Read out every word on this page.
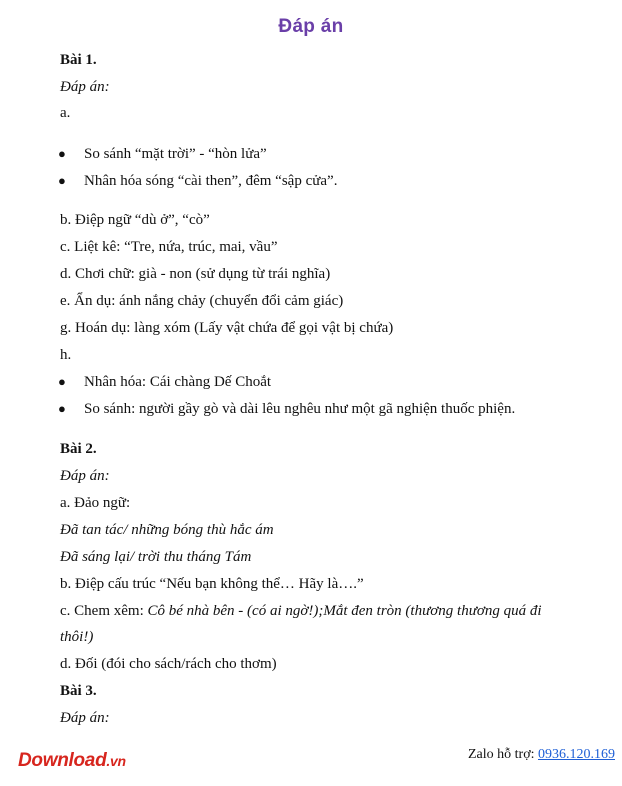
Đáp án
Bài 1.
Đáp án:
a.
● So sánh “mặt trời” - “hòn lửa”
● Nhân hóa sóng “cài then”, đêm “sập cửa”.
b. Điệp ngữ “dù ở”, “cò”
c. Liệt kê: “Tre, nứa, trúc, mai, vầu”
d. Chơi chữ: già - non (sử dụng từ trái nghĩa)
e. Ẩn dụ: ánh nắng chảy (chuyển đổi cảm giác)
g. Hoán dụ: làng xóm (Lấy vật chứa để gọi vật bị chứa)
h.
● Nhân hóa: Cái chàng Dế Choắt
● So sánh: người gầy gò và dài lêu nghêu như một gã nghiện thuốc phiện.
Bài 2.
Đáp án:
a. Đảo ngữ:
Đã tan tác/ những bóng thù hắc ám
Đã sáng lại/ trời thu tháng Tám
b. Điệp cấu trúc “Nếu bạn không thể… Hãy là….”
c. Chem xêm: Cô bé nhà bên - (có ai ngờ!);Mắt đen tròn (thương thương quá đi
thôi!)
d. Đối (đói cho sách/rách cho thơm)
Bài 3.
Đáp án:
Download.vn	Zalo hỗ trợ: 0936.120.169
